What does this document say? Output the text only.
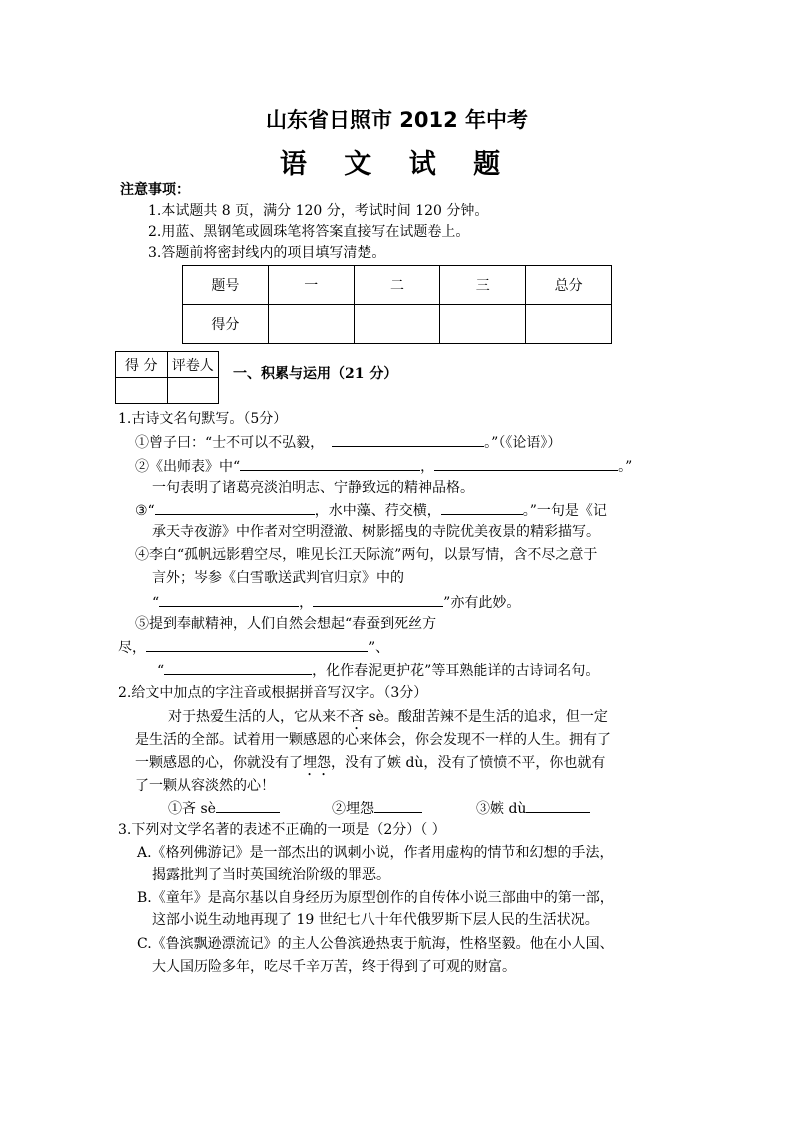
山东省日照市 2012 年中考
语 文 试 题
注意事项：
1.本试题共 8 页，满分 120 分，考试时间 120 分钟。
2.用蓝、黑钢笔或圆珠笔将答案直接写在试题卷上。
3.答题前将密封线内的项目填写清楚。
题号	一	二	三	总分
得分				
得 分	评卷人

一、积累与运用（21 分）
1.古诗文名句默写。（5分）
①曾子曰：“士不可以不弘毅，	。”（《论语》）
②《出师表》中“	，	。”
一句表明了诸葛亮淡泊明志、宁静致远的精神品格。
③“	，水中藻、荇交横，	。”一句是《记
承天寺夜游》中作者对空明澄澈、树影摇曳的寺院优美夜景的精彩描写。
④李白“孤帆远影碧空尽，唯见长江天际流”两句，以景写情，含不尽之意于
言外；岑参《白雪歌送武判官归京》中的
“	，	”亦有此妙。
⑤提到奉献精神，人们自然会想起“春蚕到死丝方
尽，	”、
“	，化作春泥更护花”等耳熟能详的古诗词名句。
2.给文中加点的字注音或根据拼音写汉字。（3分）
对于热爱生活的人，它从来不吝 sè。酸甜苦辣不是生活的追求，但一定
是生活的全部。试着用一颗感恩的心来体会，你会发现不一样的人生。拥有了
一颗感恩的心，你就没有了埋怨，没有了嫉 dù，没有了愤愤不平，你也就有
了一颗从容淡然的心！
①吝 sè	②埋怨	③嫉 dù
3.下列对文学名著的表述不正确的一项是（2分）（ ）
A.《格列佛游记》是一部杰出的讽刺小说，作者用虚构的情节和幻想的手法，
揭露批判了当时英国统治阶级的罪恶。
B.《童年》是高尔基以自身经历为原型创作的自传体小说三部曲中的第一部，
这部小说生动地再现了 19 世纪七八十年代俄罗斯下层人民的生活状况。
C.《鲁滨飘逊漂流记》的主人公鲁滨逊热衷于航海，性格坚毅。他在小人国、
大人国历险多年，吃尽千辛万苦，终于得到了可观的财富。
